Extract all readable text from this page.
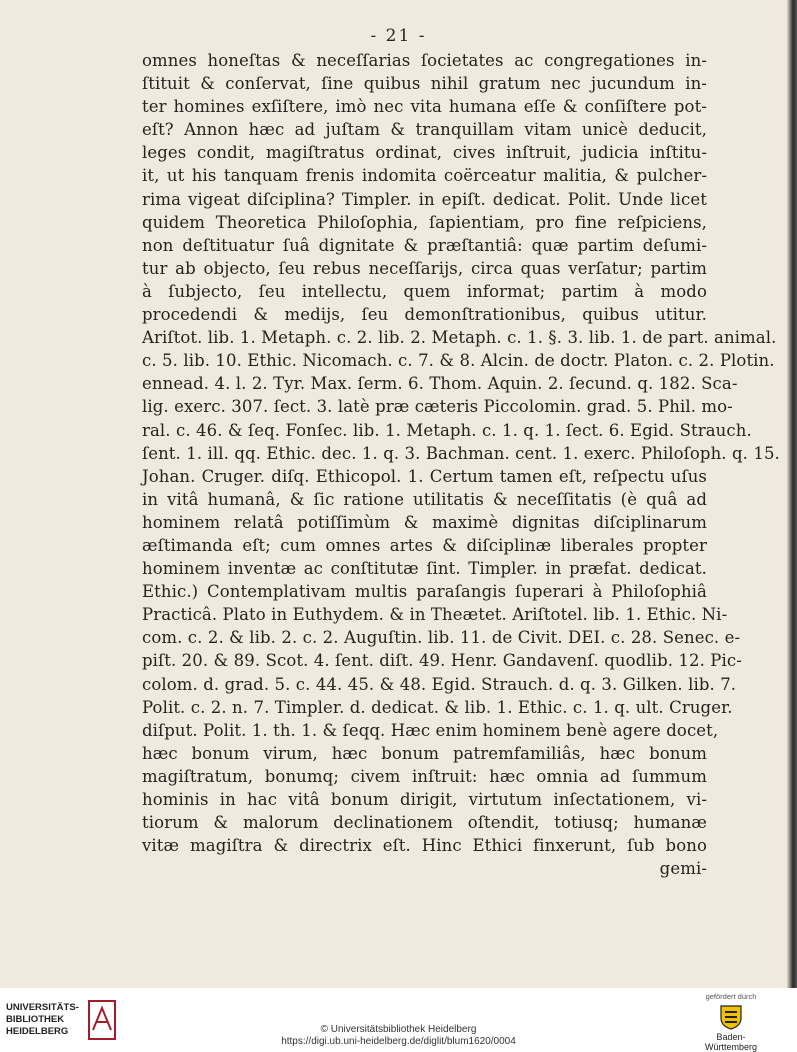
- 21 -
omnes honeſtas & neceſſarias ſocietates ac congregationes in-
ſtituit & conſervat, ſine quibus nihil gratum nec jucundum in-
ter homines exſiſtere, imò nec vita humana eſſe & conſiſtere pot-
eſt? Annon hæc ad juſtam & tranquillam vitam unicè deducit,
leges condit, magiſtratus ordinat, cives inſtruit, judicia inſtitu-
it, ut his tanquam frenis indomita coërceatur malitia, & pulcher-
rima vigeat diſciplina? Timpler. in epiſt. dedicat. Polit. Unde licet
quidem Theoretica Philoſophia, ſapientiam, pro fine reſpiciens,
non deſtituatur ſuâ dignitate & præſtantiâ: quæ partim deſumi-
tur ab objecto, ſeu rebus neceſſarijs, circa quas verſatur; partim
à ſubjecto, ſeu intellectu, quem informat; partim à modo
procedendi & medijs, ſeu demonſtrationibus, quibus utitur.
Ariſtot. lib. 1. Metaph. c. 2. lib. 2. Metaph. c. 1. §. 3. lib. 1. de part. animal.
c. 5. lib. 10. Ethic. Nicomach. c. 7. & 8. Alcin. de doctr. Platon. c. 2. Plotin.
ennead. 4. l. 2. Tyr. Max. ſerm. 6. Thom. Aquin. 2. ſecund. q. 182. Sca-
lig. exerc. 307. ſect. 3. latè præ cæteris Piccolomin. grad. 5. Phil. mo-
ral. c. 46. & ſeq. Fonſec. lib. 1. Metaph. c. 1. q. 1. ſect. 6. Egid. Strauch.
ſent. 1. ill. qq. Ethic. dec. 1. q. 3. Bachman. cent. 1. exerc. Philoſoph. q. 15.
Johan. Cruger. diſq. Ethicopol. 1. Certum tamen eſt, reſpectu uſus
in vitâ humanâ, & ſic ratione utilitatis & neceſſitatis (è quâ ad
hominem relatâ potiſſimùm & maximè dignitas diſciplinarum
æſtimanda eſt; cum omnes artes & diſciplinæ liberales propter
hominem inventæ ac conſtitutæ ſint. Timpler. in præfat. dedicat.
Ethic.) Contemplativam multis paraſangis ſuperari à Philoſophiâ
Practicâ. Plato in Euthydem. & in Theætet. Ariſtotel. lib. 1. Ethic. Ni-
com. c. 2. & lib. 2. c. 2. Auguſtin. lib. 11. de Civit. DEI. c. 28. Senec. e-
piſt. 20. & 89. Scot. 4. ſent. diſt. 49. Henr. Gandavenſ. quodlib. 12. Pic-
colom. d. grad. 5. c. 44. 45. & 48. Egid. Strauch. d. q. 3. Gilken. lib. 7.
Polit. c. 2. n. 7. Timpler. d. dedicat. & lib. 1. Ethic. c. 1. q. ult. Cruger.
diſput. Polit. 1. th. 1. & ſeqq. Hæc enim hominem benè agere docet,
hæc bonum virum, hæc bonum patremfamiliâs, hæc bonum
magiſtratum, bonumq; civem inſtruit: hæc omnia ad ſummum
hominis in hac vitâ bonum dirigit, virtutum inſectationem, vi-
tiorum & malorum declinationem oſtendit, totiusq; humanæ
vitæ magiſtra & directrix eſt. Hinc Ethici finxerunt, ſub bono
gemi-
UNIVERSITÄTS-
BIBLIOTHEK
HEIDELBERG	© Universitätsbibliothek Heidelberg
https://digi.ub.uni-heidelberg.de/diglit/blum1620/0004
gefördert durch
Baden-Württemberg
